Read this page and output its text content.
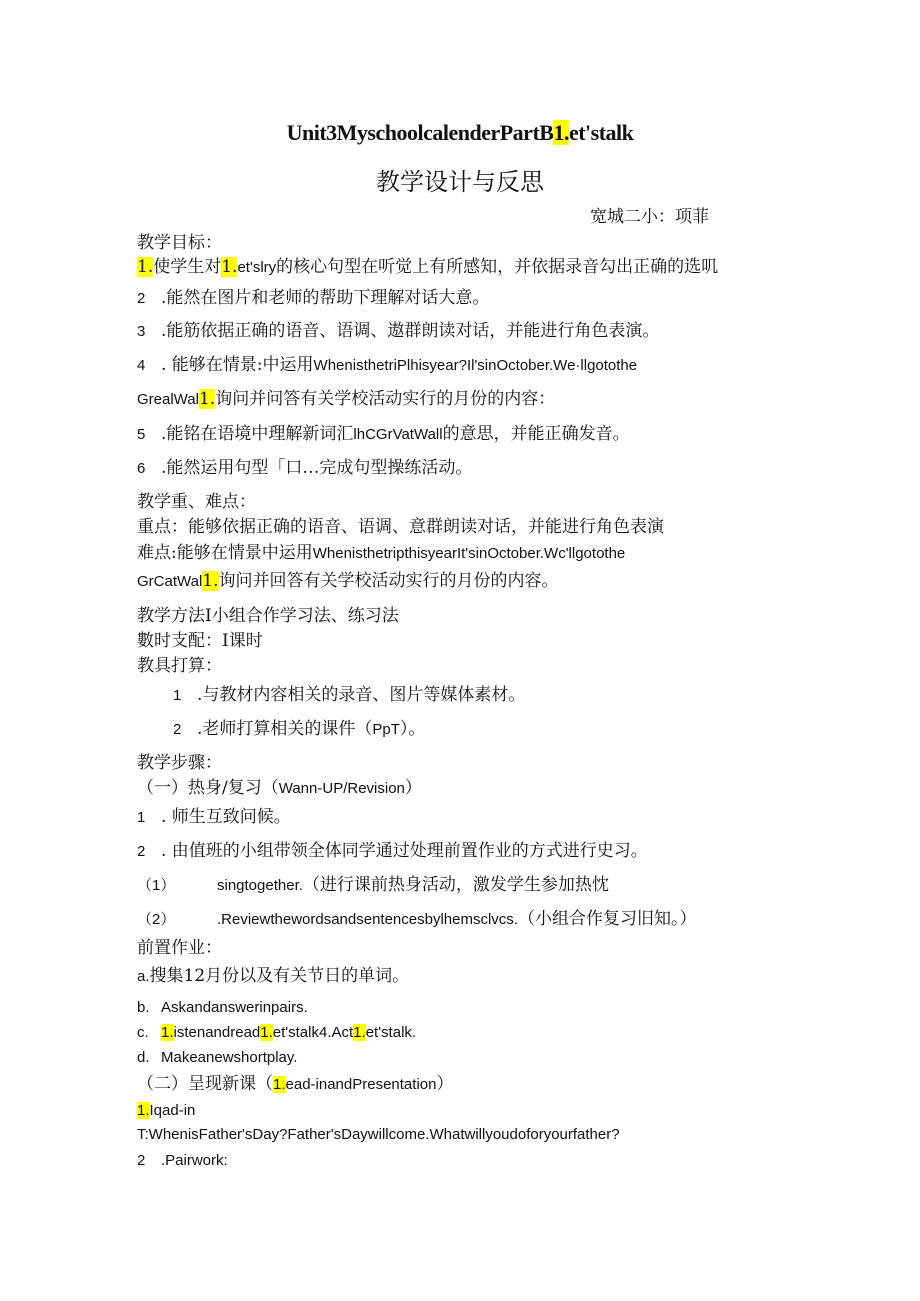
Unit3MyschoolcalenderPartB1.et'stalk
教学设计与反思
宽城二小：项菲
教学目标：
1.使学生对1.et'slry的核心句型在听觉上有所感知，并依据录音勾出正确的选叽
2 .能然在图片和老师的帮助下理解对话大意。
3 .能筋依据正确的语音、语调、遨群朗读对话，并能进行角色表演。
4 . 能够在情景:中运用WhenisthetriPlhisyear?Il'sinOctober.We·llgotothe
GrealWal1.询问并问答有关学校活动实行的月份的内容：
5 .能铭在语境中理解新词汇lhCGrVatWall的意思，并能正确发音。
6 .能然运用句型「口…完成句型操练活动。
教学重、难点：
重点：能够依据正确的语音、语调、意群朗读对话，并能进行角色表演
难点:能够在情景中运用WhenisthetripthisyearIt'sinOctober.Wc'llgotothe
GrCatWal1.询问并回答有关学校活动实行的月份的内容。
教学方法I小组合作学习法、练习法
數时支配：I课时
教具打算：
1 .与教材内容相关的录音、图片等媒体素材。
2 .老师打算相关的课件（PpT）。
教学步骤：
（一）热身/复习（Wann-UP/Revision）
1 . 师生互致问候。
2 . 由值班的小组带领全体同学通过处理前置作业的方式进行史习。
（1）	singtogether.（进行课前热身活动，激发学生参加热忱
（2）	.Reviewthewordsandsentencesbylhemsclvcs.（小组合作复习旧知。）
前置作业：
a.搜集12月份以及有关节日的单词。
b. Askandanswerinpairs.
c. 1.istenandread1.et'stalk4.Act1.et'stalk.
d. Makeanewshortplay.
（二）呈现新课（1.ead-inandPresentation）
1.Iqad-in
T:WhenisFather'sDay?Father'sDaywillcome.Whatwillyoudoforyourfather?
2 .Pairwork:
